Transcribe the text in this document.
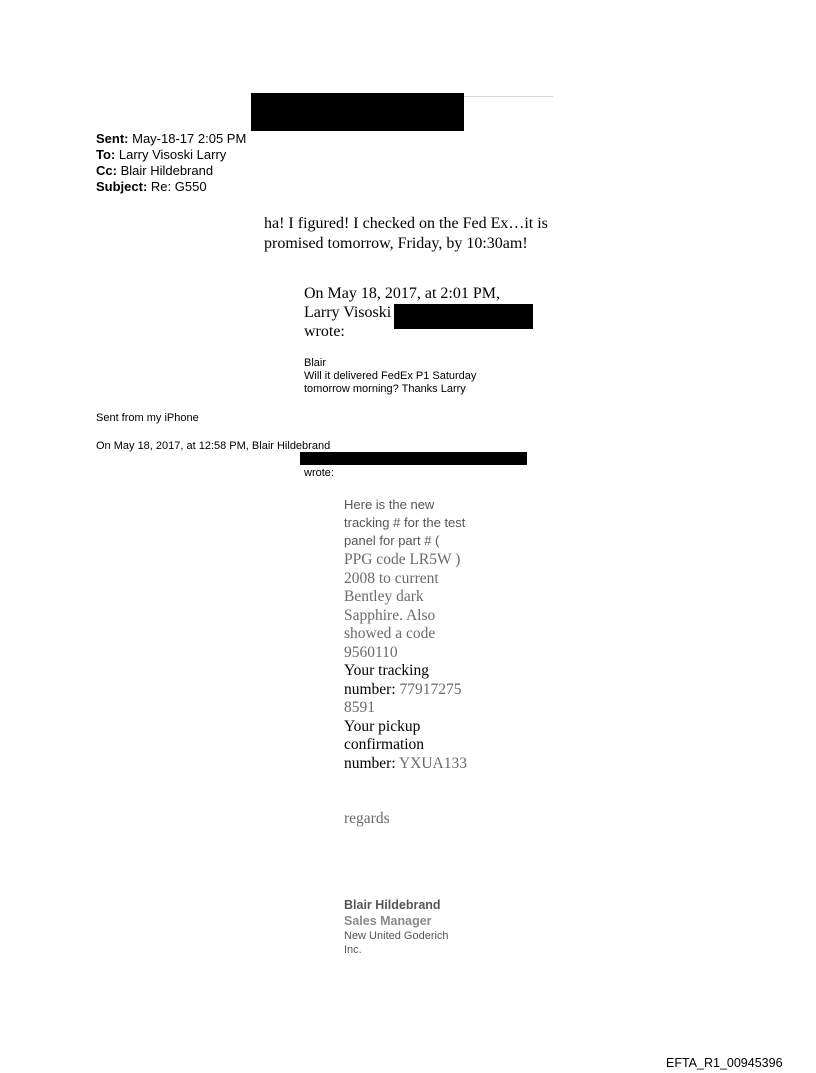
Sent: May-18-17 2:05 PM
To: Larry Visoski Larry
Cc: Blair Hildebrand
Subject: Re: G550
ha! I figured! I checked on the Fed Ex…it is
promised tomorrow, Friday, by 10:30am!
On May 18, 2017, at 2:01 PM,
Larry Visoski
wrote:
Blair
Will it delivered FedEx P1 Saturday
tomorrow morning? Thanks Larry
Sent from my iPhone
On May 18, 2017, at 12:58 PM, Blair Hildebrand
wrote:
Here is the new
tracking # for the test
panel for part # (
PPG code LR5W )
2008 to current
Bentley dark
Sapphire. Also
showed a code
9560110
Your tracking
number: 77917275
8591
Your pickup
confirmation
number: YXUA133
regards
Blair Hildebrand
Sales Manager
New United Goderich
Inc.
EFTA_R1_00945396
